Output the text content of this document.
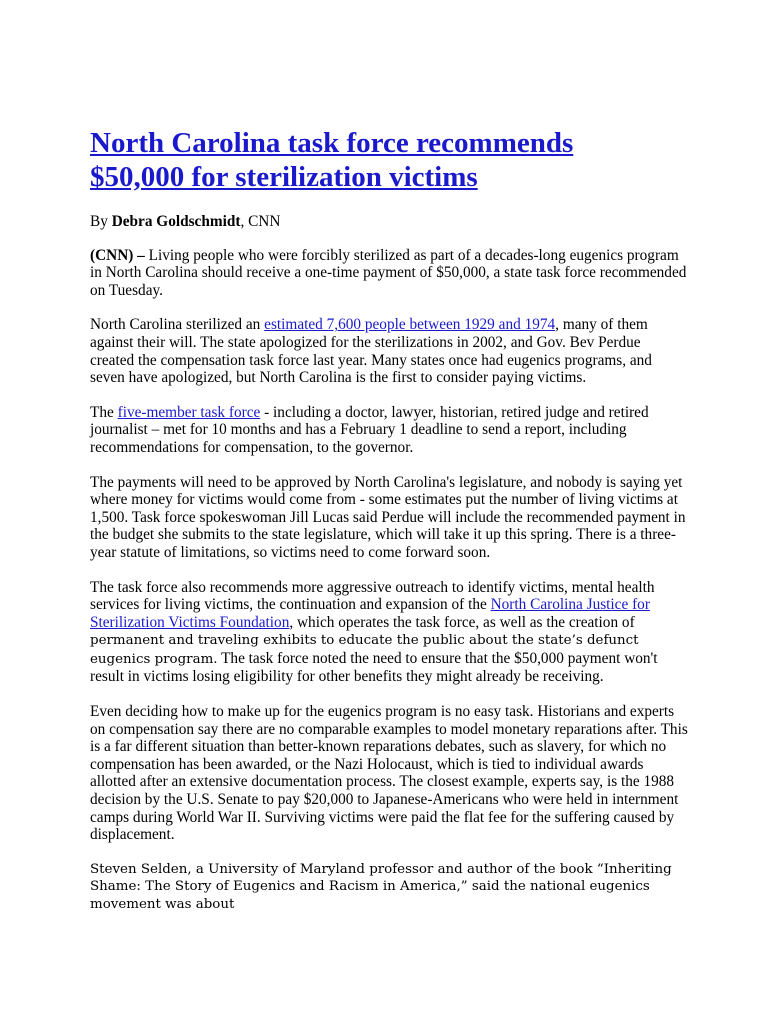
North Carolina task force recommends
$50,000 for sterilization victims

By Debra Goldschmidt, CNN

(CNN) – Living people who were forcibly sterilized as part of a decades-long eugenics program in North Carolina should receive a one-time payment of $50,000, a state task force recommended on Tuesday.

North Carolina sterilized an estimated 7,600 people between 1929 and 1974, many of them against their will. The state apologized for the sterilizations in 2002, and Gov. Bev Perdue created the compensation task force last year. Many states once had eugenics programs, and seven have apologized, but North Carolina is the first to consider paying victims.

The five-member task force - including a doctor, lawyer, historian, retired judge and retired journalist – met for 10 months and has a February 1 deadline to send a report, including recommendations for compensation, to the governor.

The payments will need to be approved by North Carolina's legislature, and nobody is saying yet where money for victims would come from - some estimates put the number of living victims at 1,500. Task force spokeswoman Jill Lucas said Perdue will include the recommended payment in the budget she submits to the state legislature, which will take it up this spring. There is a three-year statute of limitations, so victims need to come forward soon.

The task force also recommends more aggressive outreach to identify victims, mental health services for living victims, the continuation and expansion of the North Carolina Justice for Sterilization Victims Foundation, which operates the task force, as well as the creation of permanent and traveling exhibits to educate the public about the state’s defunct eugenics program. The task force noted the need to ensure that the $50,000 payment won't result in victims losing eligibility for other benefits they might already be receiving.

Even deciding how to make up for the eugenics program is no easy task. Historians and experts on compensation say there are no comparable examples to model monetary reparations after. This is a far different situation than better-known reparations debates, such as slavery, for which no compensation has been awarded, or the Nazi Holocaust, which is tied to individual awards allotted after an extensive documentation process. The closest example, experts say, is the 1988 decision by the U.S. Senate to pay $20,000 to Japanese-Americans who were held in internment camps during World War II. Surviving victims were paid the flat fee for the suffering caused by displacement.

Steven Selden, a University of Maryland professor and author of the book “Inheriting Shame: The Story of Eugenics and Racism in America,” said the national eugenics movement was about
